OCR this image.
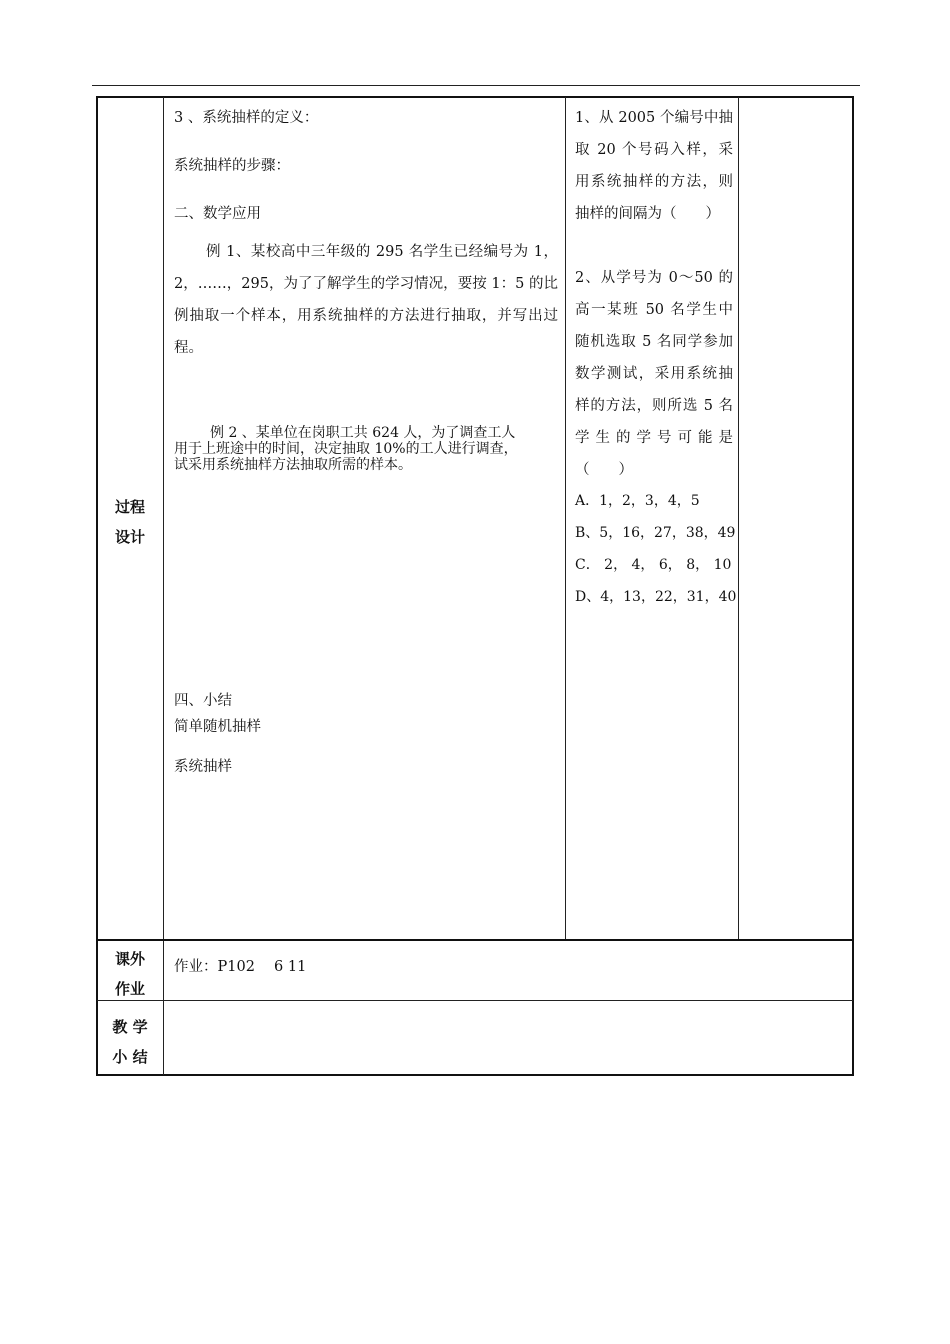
过程
设计
课外
作业
教 学
小 结
3 、系统抽样的定义：
系统抽样的步骤：
二、数学应用
例 1、某校高中三年级的 295 名学生已经编号为 1，2，……，295，为了了解学生的学习情况，要按 1：5 的比例抽取一个样本，用系统抽样的方法进行抽取，并写出过程。
例 2 、某单位在岗职工共 624 人，为了调查工人
用于上班途中的时间，决定抽取 10%的工人进行调查，
试采用系统抽样方法抽取所需的样本。
四、小结
简单随机抽样
系统抽样
1、从 2005 个编号中抽取 20 个号码入样，采用系统抽样的方法，则抽样的间隔为（　　）
2、从学号为 0～50 的高一某班 50 名学生中随机选取 5 名同学参加数学测试，采用系统抽样的方法，则所选 5 名学生的学号可能是　（　　）
A．1，2，3，4，5
B、5，16，27，38，49
C． 2， 4， 6， 8， 10
D、4，13，22，31，40
作业：P102　 6 11
